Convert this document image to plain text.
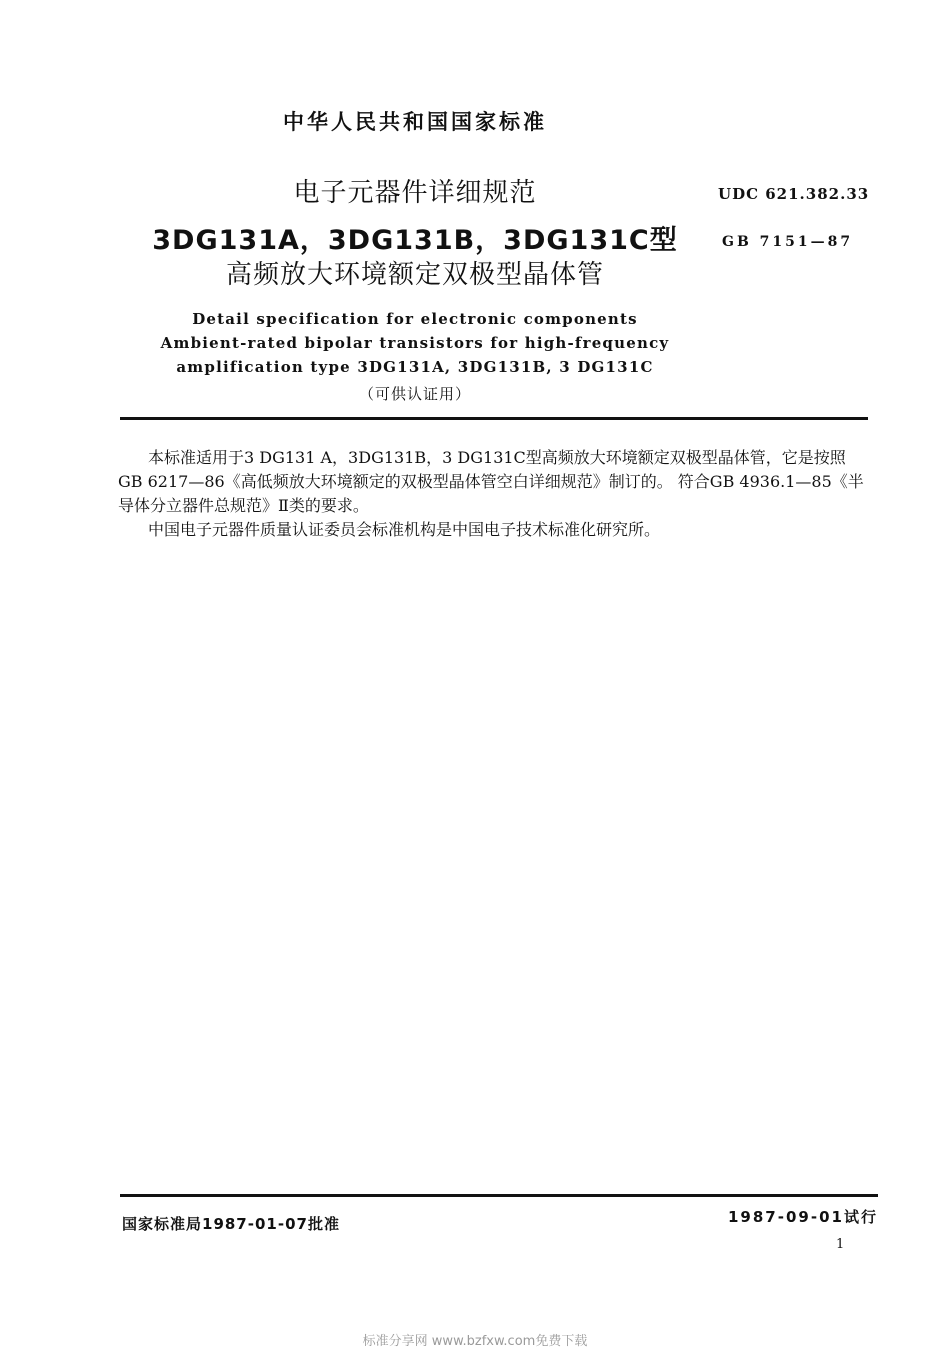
中华人民共和国国家标准
电子元器件详细规范
3DG131A，3DG131B，3DG131C型
高频放大环境额定双极型晶体管
UDC 621.382.33
GB 7151—87
Detail specification for electronic components
Ambient-rated bipolar transistors for high-frequency
amplification type 3DG131A, 3DG131B, 3 DG131C
（可供认证用）
本标准适用于3 DG131 A，3DG131B，3 DG131C型高频放大环境额定双极型晶体管，它是按照GB 6217—86《高低频放大环境额定的双极型晶体管空白详细规范》制订的。 符合GB 4936.1—85《半导体分立器件总规范》Ⅱ类的要求。
中国电子元器件质量认证委员会标准机构是中国电子技术标准化研究所。
国家标准局1987-01-07批准	1987-09-01试行
1
标准分享网 www.bzfxw.com免费下载
